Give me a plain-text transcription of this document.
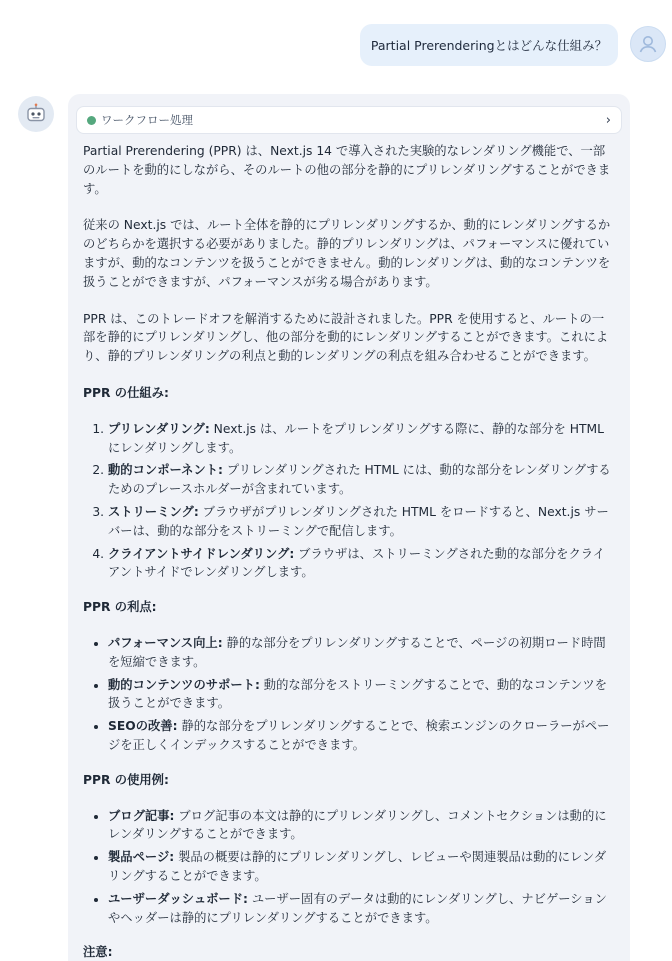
Partial Prerenderingとはどんな仕組み？
ワークフロー処理	›

Partial Prerendering (PPR) は、Next.js 14 で導入された実験的なレンダリング機能で、一部のルートを動的にしながら、そのルートの他の部分を静的にプリレンダリングすることができます。

従来の Next.js では、ルート全体を静的にプリレンダリングするか、動的にレンダリングするかのどちらかを選択する必要がありました。静的プリレンダリングは、パフォーマンスに優れていますが、動的なコンテンツを扱うことができません。動的レンダリングは、動的なコンテンツを扱うことができますが、パフォーマンスが劣る場合があります。

PPR は、このトレードオフを解消するために設計されました。PPR を使用すると、ルートの一部を静的にプリレンダリングし、他の部分を動的にレンダリングすることができます。これにより、静的プリレンダリングの利点と動的レンダリングの利点を組み合わせることができます。

PPR の仕組み:
1. プリレンダリング: Next.js は、ルートをプリレンダリングする際に、静的な部分を HTML にレンダリングします。
2. 動的コンポーネント: プリレンダリングされた HTML には、動的な部分をレンダリングするためのプレースホルダーが含まれています。
3. ストリーミング: ブラウザがプリレンダリングされた HTML をロードすると、Next.js サーバーは、動的な部分をストリーミングで配信します。
4. クライアントサイドレンダリング: ブラウザは、ストリーミングされた動的な部分をクライアントサイドでレンダリングします。
PPR の利点:
• パフォーマンス向上: 静的な部分をプリレンダリングすることで、ページの初期ロード時間を短縮できます。
• 動的コンテンツのサポート: 動的な部分をストリーミングすることで、動的なコンテンツを扱うことができます。
• SEOの改善: 静的な部分をプリレンダリングすることで、検索エンジンのクローラーがページを正しくインデックスすることができます。
PPR の使用例:
• ブログ記事: ブログ記事の本文は静的にプリレンダリングし、コメントセクションは動的にレンダリングすることができます。
• 製品ページ: 製品の概要は静的にプリレンダリングし、レビューや関連製品は動的にレンダリングすることができます。
• ユーザーダッシュボード: ユーザー固有のデータは動的にレンダリングし、ナビゲーションやヘッダーは静的にプリレンダリングすることができます。
注意:
